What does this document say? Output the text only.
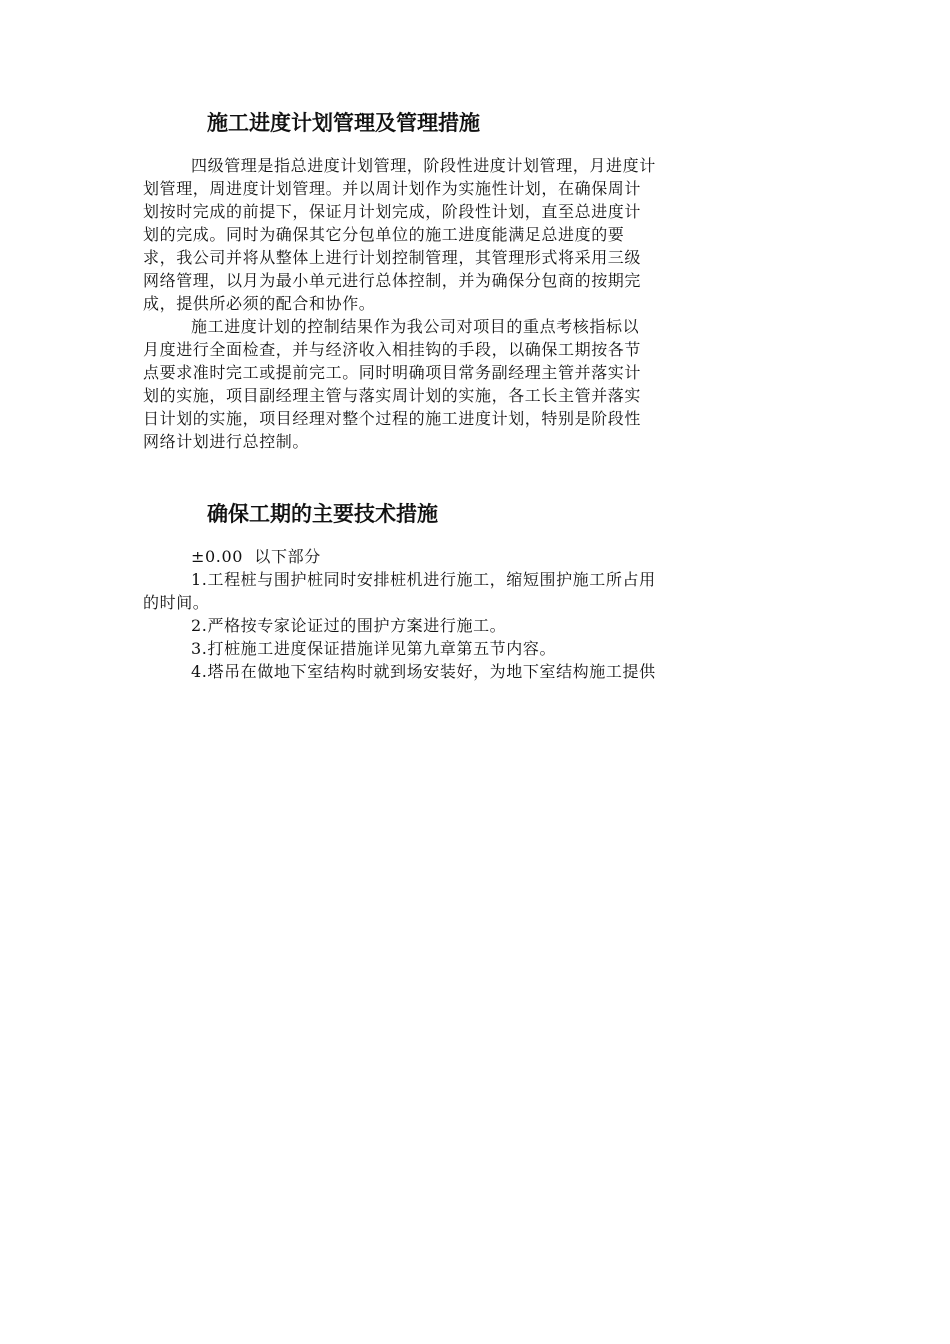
施工进度计划管理及管理措施
四级管理是指总进度计划管理，阶段性进度计划管理，月进度计
划管理，周进度计划管理。并以周计划作为实施性计划，在确保周计
划按时完成的前提下，保证月计划完成，阶段性计划，直至总进度计
划的完成。同时为确保其它分包单位的施工进度能满足总进度的要
求，我公司并将从整体上进行计划控制管理，其管理形式将采用三级
网络管理，以月为最小单元进行总体控制，并为确保分包商的按期完
成，提供所必须的配合和协作。
施工进度计划的控制结果作为我公司对项目的重点考核指标以
月度进行全面检查，并与经济收入相挂钩的手段，以确保工期按各节
点要求准时完工或提前完工。同时明确项目常务副经理主管并落实计
划的实施，项目副经理主管与落实周计划的实施，各工长主管并落实
日计划的实施，项目经理对整个过程的施工进度计划，特别是阶段性
网络计划进行总控制。
确保工期的主要技术措施
±0.00  以下部分
1.工程桩与围护桩同时安排桩机进行施工，缩短围护施工所占用
的时间。
2.严格按专家论证过的围护方案进行施工。
3.打桩施工进度保证措施详见第九章第五节内容。
4.塔吊在做地下室结构时就到场安装好，为地下室结构施工提供
